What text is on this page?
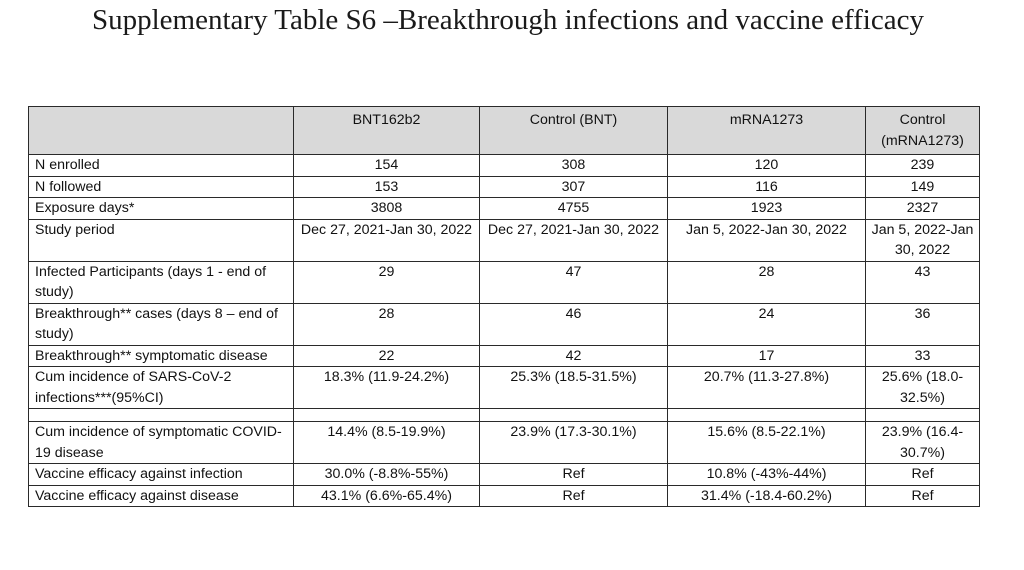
Supplementary Table S6 –Breakthrough infections and vaccine efficacy
	BNT162b2	Control (BNT)	mRNA1273	Control (mRNA1273)
N enrolled	154	308	120	239
N followed	153	307	116	149
Exposure days*	3808	4755	1923	2327
Study period	Dec 27, 2021-Jan 30, 2022	Dec 27, 2021-Jan 30, 2022	Jan 5, 2022-Jan 30, 2022	Jan 5, 2022-Jan 30, 2022
Infected Participants (days 1 - end of study)	29	47	28	43
Breakthrough** cases (days 8 – end of study)	28	46	24	36
Breakthrough** symptomatic disease	22	42	17	33
Cum incidence of SARS-CoV-2 infections***(95%CI)	18.3% (11.9-24.2%)	25.3% (18.5-31.5%)	20.7% (11.3-27.8%)	25.6% (18.0-32.5%)

Cum incidence of symptomatic COVID-19 disease	14.4% (8.5-19.9%)	23.9% (17.3-30.1%)	15.6% (8.5-22.1%)	23.9% (16.4-30.7%)
Vaccine efficacy against infection	30.0% (-8.8%-55%)	Ref	10.8% (-43%-44%)	Ref
Vaccine efficacy against disease	43.1% (6.6%-65.4%)	Ref	31.4% (-18.4-60.2%)	Ref
